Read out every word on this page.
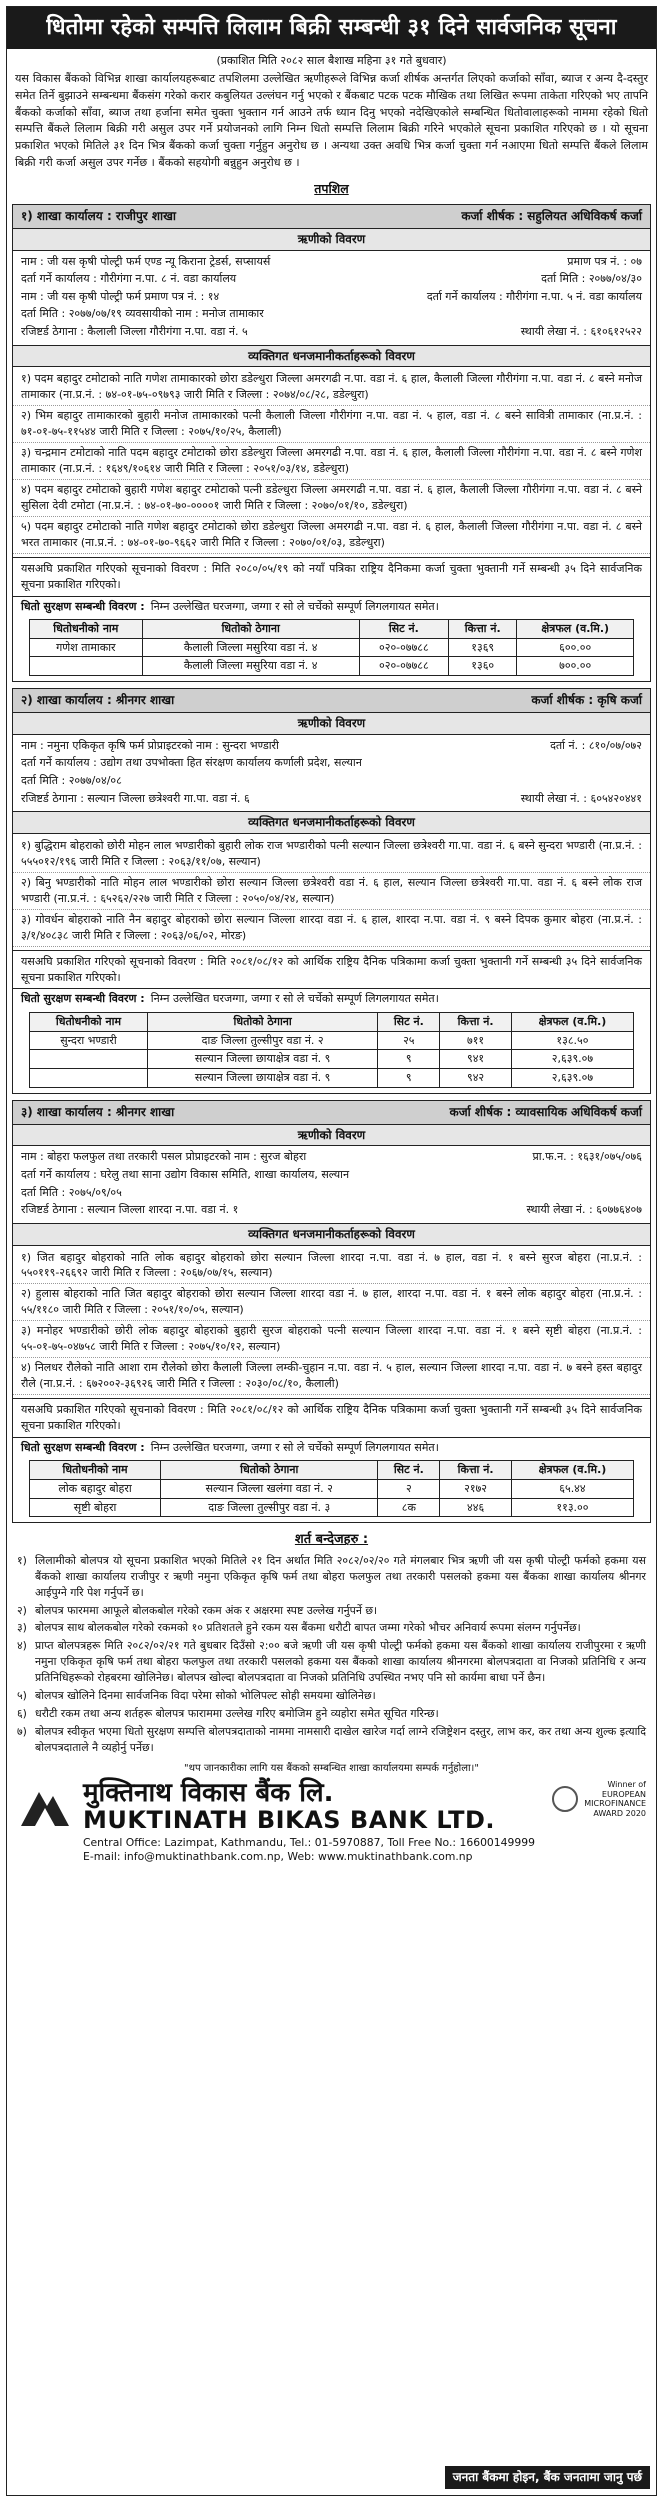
धितोमा रहेको सम्पत्ति लिलाम बिक्री सम्बन्धी ३१ दिने सार्वजनिक सूचना
(प्रकाशित मिति २०८२ साल बैशाख महिना ३१ गते बुधवार)
यस विकास बैंकको विभिन्न शाखा कार्यालयहरूबाट तपशिलमा उल्लेखित ऋणीहरूले विभिन्न कर्जा शीर्षक अन्तर्गत लिएको कर्जाको साँवा, ब्याज र अन्य दै-दस्तुर समेत तिर्ने बुझाउने सम्बन्धमा बैंकसंग गरेको करार कबुलियत उल्लंघन गर्नु भएको र बैंकबाट पटक पटक मौखिक तथा लिखित रूपमा ताकेता गरिएको भए तापनि बैंकको कर्जाको साँवा, ब्याज तथा हर्जाना समेत चुक्ता भुक्तान गर्न आउने तर्फ ध्यान दिनु भएको नदेखिएकोले सम्बन्धित धितोवालाहरूको नाममा रहेको धितो सम्पत्ति बैंकले लिलाम बिक्री गरी असुल उपर गर्ने प्रयोजनको लागि निम्न धितो सम्पत्ति लिलाम बिक्री गरिने भएकोले सूचना प्रकाशित गरिएको छ । यो सूचना प्रकाशित भएको मितिले ३१ दिन भित्र बैंकको कर्जा चुक्ता गर्नुहुन अनुरोध छ । अन्यथा उक्त अवधि भित्र कर्जा चुक्ता गर्न नआएमा धितो सम्पत्ति बैंकले लिलाम बिक्री गरी कर्जा असुल उपर गर्नेछ । बैंकको सहयोगी बन्नुहुन अनुरोध छ ।
तपशिल
१) शाखा कार्यालय : राजीपुर शाखा	कर्जा शीर्षक : सहुलियत अधिविकर्ष कर्जा
ऋणीको विवरण
नाम : जी यस कृषी पोल्ट्री फर्म एण्ड न्यू किराना ट्रेडर्स, सप्सायर्स	प्रमाण पत्र नं. : ०७
दर्ता गर्ने कार्यालय : गौरीगंगा न.पा. ८ नं. वडा कार्यालय	दर्ता मिति : २०७७/०४/३०
नाम : जी यस कृषी पोल्ट्री फर्म प्रमाण पत्र नं. : १४	दर्ता गर्ने कार्यालय : गौरीगंगा न.पा. ५ नं. वडा कार्यालय
दर्ता मिति : २०७७/०७/१९ व्यवसायीको नाम : मनोज तामाकार
रजिष्टर्ड ठेगाना : कैलाली जिल्ला गौरीगंगा न.पा. वडा नं. ५	स्थायी लेखा नं. : ६१०६१२५२२
व्यक्तिगत धनजमानीकर्ताहरूको विवरण
१) पदम बहादुर टमोटाको नाति गणेश तामाकारको छोरा डडेल्धुरा जिल्ला अमरगढी न.पा. वडा नं. ६ हाल, कैलाली जिल्ला गौरीगंगा न.पा. वडा नं. ८ बस्ने मनोज तामाकार (ना.प्र.नं. : ७४-०१-७५-०९७९३ जारी मिति र जिल्ला : २०७४/०८/२८, डडेल्धुरा)
२) भिम बहादुर तामाकारको बुहारी मनोज तामाकारको पत्नी कैलाली जिल्ला गौरीगंगा न.पा. वडा नं. ५ हाल, वडा नं. ८ बस्ने सावित्री तामाकार (ना.प्र.नं. : ७१-०१-७५-११५४४ जारी मिति र जिल्ला : २०७५/१०/२५, कैलाली)
३) चन्द्रमान टमोटाको नाति पदम बहादुर टमोटाको छोरा डडेल्धुरा जिल्ला अमरगढी न.पा. वडा नं. ६ हाल, कैलाली जिल्ला गौरीगंगा न.पा. वडा नं. ८ बस्ने गणेश तामाकार (ना.प्र.नं. : १६४९/१०६१४ जारी मिति र जिल्ला : २०५१/०३/१४, डडेल्धुरा)
४) पदम बहादुर टमोटाको बुहारी गणेश बहादुर टमोटाको पत्नी डडेल्धुरा जिल्ला अमरगढी न.पा. वडा नं. ६ हाल, कैलाली जिल्ला गौरीगंगा न.पा. वडा नं. ८ बस्ने सुसिला देवी टमोटा (ना.प्र.नं. : ७४-०१-७०-००००१ जारी मिति र जिल्ला : २०७०/०१/१०, डडेल्धुरा)
५) पदम बहादुर टमोटाको नाति गणेश बहादुर टमोटाको छोरा डडेल्धुरा जिल्ला अमरगढी न.पा. वडा नं. ६ हाल, कैलाली जिल्ला गौरीगंगा न.पा. वडा नं. ८ बस्ने भरत तामाकार (ना.प्र.नं. : ७४-०१-७०-९६६२ जारी मिति र जिल्ला : २०७०/०१/०३, डडेल्धुरा)
यसअघि प्रकाशित गरिएको सूचनाको विवरण : मिति २०८०/०५/१९ को नयाँ पत्रिका राष्ट्रिय दैनिकमा कर्जा चुक्ता भुक्तानी गर्ने सम्बन्धी ३५ दिने सार्वजनिक सूचना प्रकाशित गरिएको।
धितो सुरक्षण सम्बन्धी विवरण : निम्न उल्लेखित घरजग्गा, जग्गा र सो ले चर्चेको सम्पूर्ण लिगलगायत समेत।
धितोधनीको नाम	धितोको ठेगाना	सिट नं.	कित्ता नं.	क्षेत्रफल (व.मि.)
गणेश तामाकार	कैलाली जिल्ला मसुरिया वडा नं. ४	०२०-०७७८८	१३६९	६००.००
	कैलाली जिल्ला मसुरिया वडा नं. ४	०२०-०७७८८	१३६०	७००.००
२) शाखा कार्यालय : श्रीनगर शाखा	कर्जा शीर्षक : कृषि कर्जा
ऋणीको विवरण
नाम : नमुना एकिकृत कृषि फर्म प्रोप्राइटरको नाम : सुन्दरा भण्डारी	दर्ता नं. : ८१०/०७/०७२
दर्ता गर्ने कार्यालय : उद्योग तथा उपभोक्ता हित संरक्षण कार्यालय कर्णाली प्रदेश, सल्यान
दर्ता मिति : २०७७/०४/०८
रजिष्टर्ड ठेगाना : सल्यान जिल्ला छत्रेश्वरी गा.पा. वडा नं. ६	स्थायी लेखा नं. : ६०५४२०४४१
व्यक्तिगत धनजमानीकर्ताहरूको विवरण
१) बुद्धिराम बोहराको छोरी मोहन लाल भण्डारीको बुहारी लोक राज भण्डारीको पत्नी सल्यान जिल्ला छत्रेश्वरी गा.पा. वडा नं. ६ बस्ने सुन्दरा भण्डारी (ना.प्र.नं. : ५५५०१२/१९६ जारी मिति र जिल्ला : २०६३/११/०७, सल्यान)
२) बिनु भण्डारीको नाति मोहन लाल भण्डारीको छोरा सल्यान जिल्ला छत्रेश्वरी वडा नं. ६ हाल, सल्यान जिल्ला छत्रेश्वरी गा.पा. वडा नं. ६ बस्ने लोक राज भण्डारी (ना.प्र.नं. : ६५२६२/२२७ जारी मिति र जिल्ला : २०५०/०४/२४, सल्यान)
३) गोवर्धन बोहराको नाति नैन बहादुर बोहराको छोरा सल्यान जिल्ला शारदा वडा नं. ६ हाल, शारदा न.पा. वडा नं. ९ बस्ने दिपक कुमार बोहरा (ना.प्र.नं. : ३/१/४०८३८ जारी मिति र जिल्ला : २०६३/०६/०२, मोरङ)
यसअघि प्रकाशित गरिएको सूचनाको विवरण : मिति २०८१/०८/१२ को आर्थिक राष्ट्रिय दैनिक पत्रिकामा कर्जा चुक्ता भुक्तानी गर्ने सम्बन्धी ३५ दिने सार्वजनिक सूचना प्रकाशित गरिएको।
धितो सुरक्षण सम्बन्धी विवरण : निम्न उल्लेखित घरजग्गा, जग्गा र सो ले चर्चेको सम्पूर्ण लिगलगायत समेत।
धितोधनीको नाम	धितोको ठेगाना	सिट नं.	कित्ता नं.	क्षेत्रफल (व.मि.)
सुन्दरा भण्डारी	दाङ जिल्ला तुल्सीपुर वडा नं. २	२५	७११	१३८.५०
	सल्यान जिल्ला छायाक्षेत्र वडा नं. ९	९	९४१	२,६३९.०७
	सल्यान जिल्ला छायाक्षेत्र वडा नं. ९	९	९४२	२,६३९.०७
३) शाखा कार्यालय : श्रीनगर शाखा	कर्जा शीर्षक : व्यावसायिक अधिविकर्ष कर्जा
ऋणीको विवरण
नाम : बोहरा फलफुल तथा तरकारी पसल प्रोप्राइटरको नाम : सुरज बोहरा	प्रा.फ.न. : १६३१/०७५/०७६
दर्ता गर्ने कार्यालय : घरेलु तथा साना उद्योग विकास समिति, शाखा कार्यालय, सल्यान
दर्ता मिति : २०७५/०९/०५
रजिष्टर्ड ठेगाना : सल्यान जिल्ला शारदा न.पा. वडा नं. १	स्थायी लेखा नं. : ६०७७६४०७
व्यक्तिगत धनजमानीकर्ताहरूको विवरण
१) जित बहादुर बोहराको नाति लोक बहादुर बोहराको छोरा सल्यान जिल्ला शारदा न.पा. वडा नं. ७ हाल, वडा नं. १ बस्ने सुरज बोहरा (ना.प्र.नं. : ५५०११९-२६६९२ जारी मिति र जिल्ला : २०६७/०७/१५, सल्यान)
२) हुलास बोहराको नाति जित बहादुर बोहराको छोरा सल्यान जिल्ला शारदा वडा नं. ७ हाल, शारदा न.पा. वडा नं. १ बस्ने लोक बहादुर बोहरा (ना.प्र.नं. : ५५/११८० जारी मिति र जिल्ला : २०५१/१०/०५, सल्यान)
३) मनोहर भण्डारीको छोरी लोक बहादुर बोहराको बुहारी सुरज बोहराको पत्नी सल्यान जिल्ला शारदा न.पा. वडा नं. १ बस्ने सृष्टी बोहरा (ना.प्र.नं. : ५५-०१-७५-०४७५८ जारी मिति र जिल्ला : २०७५/१०/१२, सल्यान)
४) निलधर रौलेको नाति आशा राम रौलेको छोरा कैलाली जिल्ला लम्की-चुहान न.पा. वडा नं. ५ हाल, सल्यान जिल्ला शारदा न.पा. वडा नं. ७ बस्ने हस्त बहादुर रौले (ना.प्र.नं. : ६७२००२-३६९२६ जारी मिति र जिल्ला : २०३०/०८/१०, कैलाली)
यसअघि प्रकाशित गरिएको सूचनाको विवरण : मिति २०८१/०८/१२ को आर्थिक राष्ट्रिय दैनिक पत्रिकामा कर्जा चुक्ता भुक्तानी गर्ने सम्बन्धी ३५ दिने सार्वजनिक सूचना प्रकाशित गरिएको।
धितो सुरक्षण सम्बन्धी विवरण : निम्न उल्लेखित घरजग्गा, जग्गा र सो ले चर्चेको सम्पूर्ण लिगलगायत समेत।
धितोधनीको नाम	धितोको ठेगाना	सिट नं.	कित्ता नं.	क्षेत्रफल (व.मि.)
लोक बहादुर बोहरा	सल्यान जिल्ला खलंगा वडा नं. २	२	२१७२	६५.४४
सृष्टी बोहरा	दाङ जिल्ला तुल्सीपुर वडा नं. ३	८क	४४६	११३.००
शर्त बन्देजहरु :
१) लिलामीको बोलपत्र यो सूचना प्रकाशित भएको मितिले २१ दिन अर्थात मिति २०८२/०२/२० गते मंगलबार भित्र ऋणी जी यस कृषी पोल्ट्री फर्मको हकमा यस बैंकको शाखा कार्यालय राजीपुर र ऋणी नमुना एकिकृत कृषि फर्म तथा बोहरा फलफुल तथा तरकारी पसलको हकमा यस बैंकका शाखा कार्यालय श्रीनगर आईपुग्ने गरि पेश गर्नुपर्ने छ।
२) बोलपत्र फारममा आफूले बोलकबोल गरेको रकम अंक र अक्षरमा स्पष्ट उल्लेख गर्नुपर्ने छ।
३) बोलपत्र साथ बोलकबोल गरेको रकमको १० प्रतिशतले हुने रकम यस बैंकमा धरौटी बापत जम्मा गरेको भौचर अनिवार्य रूपमा संलग्न गर्नुपर्नेछ।
४) प्राप्त बोलपत्रहरू मिति २०८२/०२/२१ गते बुधबार दिउँसो २:०० बजे ऋणी जी यस कृषी पोल्ट्री फर्मको हकमा यस बैंकको शाखा कार्यालय राजीपुरमा र ऋणी नमुना एकिकृत कृषि फर्म तथा बोहरा फलफुल तथा तरकारी पसलको हकमा यस बैंकको शाखा कार्यालय श्रीनगरमा बोलपत्रदाता वा निजको प्रतिनिधि र अन्य प्रतिनिधिहरूको रोहबरमा खोलिनेछ। बोलपत्र खोल्दा बोलपत्रदाता वा निजको प्रतिनिधि उपस्थित नभए पनि सो कार्यमा बाधा पर्ने छैन।
५) बोलपत्र खोलिने दिनमा सार्वजनिक विदा परेमा सोको भोलिपल्ट सोही समयमा खोलिनेछ।
६) धरौटी रकम तथा अन्य शर्तहरू बोलपत्र फाराममा उल्लेख गरिए बमोजिम हुने व्यहोरा समेत सूचित गरिन्छ।
७) बोलपत्र स्वीकृत भएमा धितो सुरक्षण सम्पत्ति बोलपत्रदाताको नाममा नामसारी दाखेल खारेज गर्दा लाग्ने रजिष्ट्रेशन दस्तुर, लाभ कर, कर तथा अन्य शुल्क इत्यादि बोलपत्रदाताले नै व्यहोर्नु पर्नेछ।
"थप जानकारीका लागि यस बैंकको सम्बन्धित शाखा कार्यालयमा सम्पर्क गर्नुहोला।"
मुक्तिनाथ विकास बैंक लि.
MUKTINATH BIKAS BANK LTD.

Winner of
EUROPEAN
MICROFINANCE
AWARD 2020
Central Office: Lazimpat, Kathmandu, Tel.: 01-5970887, Toll Free No.: 16600149999
E-mail: info@muktinathbank.com.np, Web: www.muktinathbank.com.np
जनता बैंकमा होइन, बैंक जनतामा जानु पर्छ
